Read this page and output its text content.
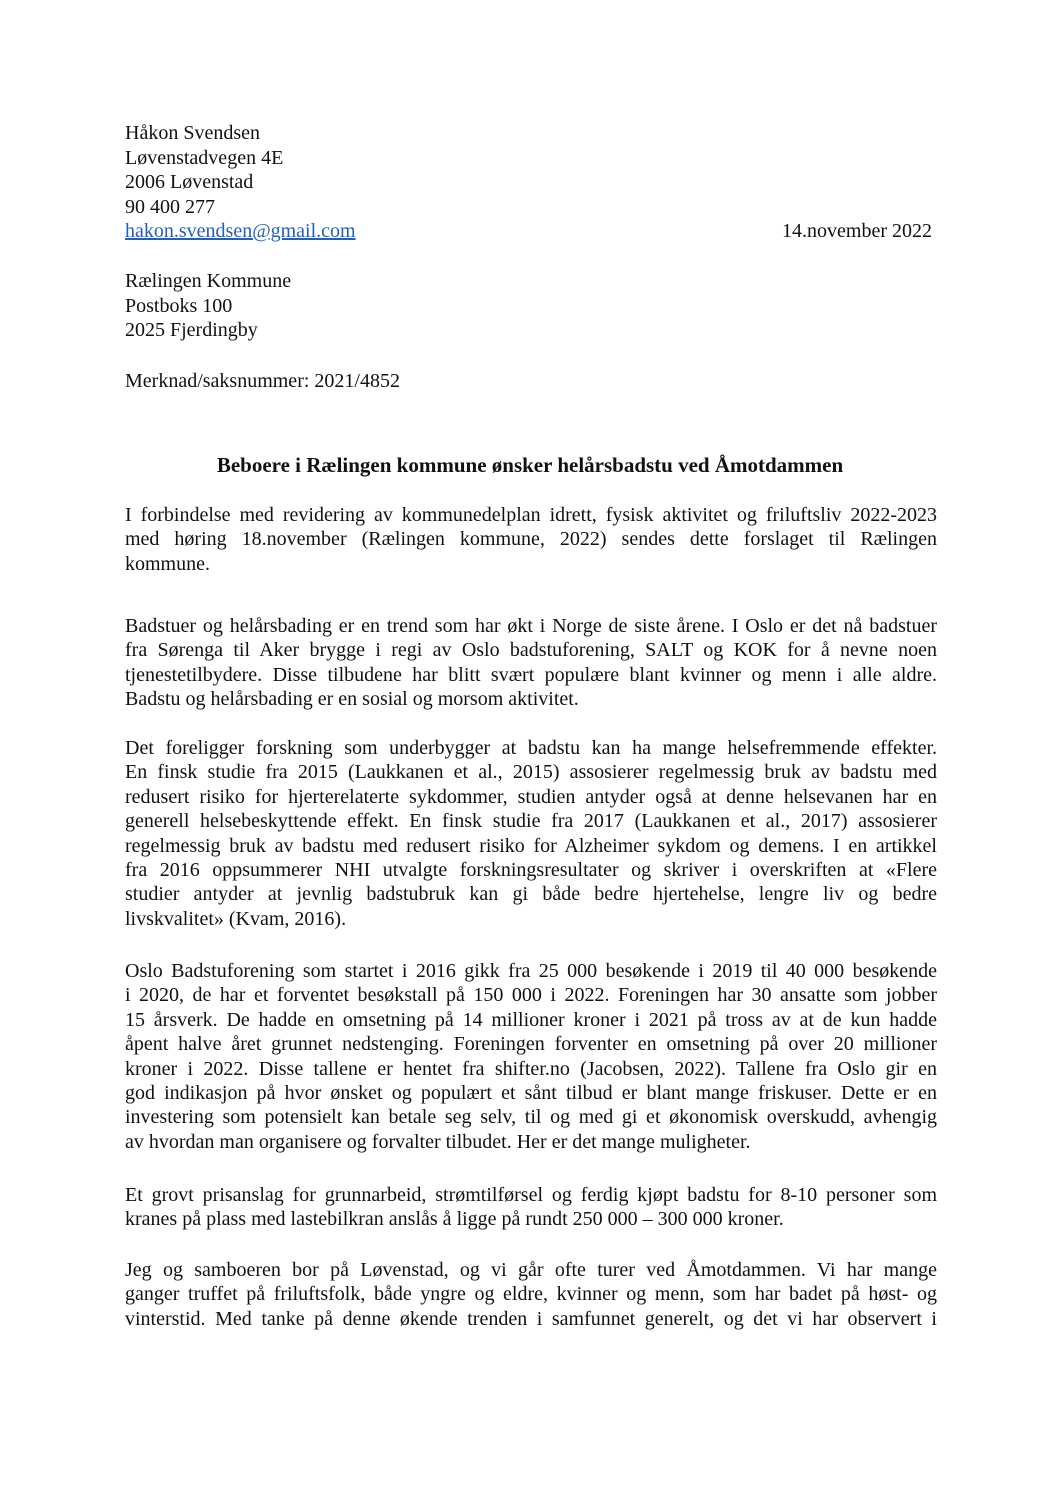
Håkon Svendsen
Løvenstadvegen 4E
2006 Løvenstad
90 400 277
hakon.svendsen@gmail.com	14.november 2022
Rælingen Kommune
Postboks 100
2025 Fjerdingby
Merknad/saksnummer: 2021/4852
Beboere i Rælingen kommune ønsker helårsbadstu ved Åmotdammen
I forbindelse med revidering av kommunedelplan idrett, fysisk aktivitet og friluftsliv 2022-2023
med høring 18.november (Rælingen kommune, 2022) sendes dette forslaget til Rælingen
kommune.
Badstuer og helårsbading er en trend som har økt i Norge de siste årene. I Oslo er det nå badstuer
fra Sørenga til Aker brygge i regi av Oslo badstuforening, SALT og KOK for å nevne noen
tjenestetilbydere. Disse tilbudene har blitt svært populære blant kvinner og menn i alle aldre.
Badstu og helårsbading er en sosial og morsom aktivitet.
Det foreligger forskning som underbygger at badstu kan ha mange helsefremmende effekter.
En finsk studie fra 2015 (Laukkanen et al., 2015) assosierer regelmessig bruk av badstu med
redusert risiko for hjerterelaterte sykdommer, studien antyder også at denne helsevanen har en
generell helsebeskyttende effekt. En finsk studie fra 2017 (Laukkanen et al., 2017) assosierer
regelmessig bruk av badstu med redusert risiko for Alzheimer sykdom og demens. I en artikkel
fra 2016 oppsummerer NHI utvalgte forskningsresultater og skriver i overskriften at «Flere
studier antyder at jevnlig badstubruk kan gi både bedre hjertehelse, lengre liv og bedre
livskvalitet» (Kvam, 2016).
Oslo Badstuforening som startet i 2016 gikk fra 25 000 besøkende i 2019 til 40 000 besøkende
i 2020, de har et forventet besøkstall på 150 000 i 2022. Foreningen har 30 ansatte som jobber
15 årsverk. De hadde en omsetning på 14 millioner kroner i 2021 på tross av at de kun hadde
åpent halve året grunnet nedstenging. Foreningen forventer en omsetning på over 20 millioner
kroner i 2022. Disse tallene er hentet fra shifter.no (Jacobsen, 2022). Tallene fra Oslo gir en
god indikasjon på hvor ønsket og populært et sånt tilbud er blant mange friskuser. Dette er en
investering som potensielt kan betale seg selv, til og med gi et økonomisk overskudd, avhengig
av hvordan man organisere og forvalter tilbudet. Her er det mange muligheter.
Et grovt prisanslag for grunnarbeid, strømtilførsel og ferdig kjøpt badstu for 8-10 personer som
kranes på plass med lastebilkran anslås å ligge på rundt 250 000 – 300 000 kroner.
Jeg og samboeren bor på Løvenstad, og vi går ofte turer ved Åmotdammen. Vi har mange
ganger truffet på friluftsfolk, både yngre og eldre, kvinner og menn, som har badet på høst- og
vinterstid. Med tanke på denne økende trenden i samfunnet generelt, og det vi har observert i
